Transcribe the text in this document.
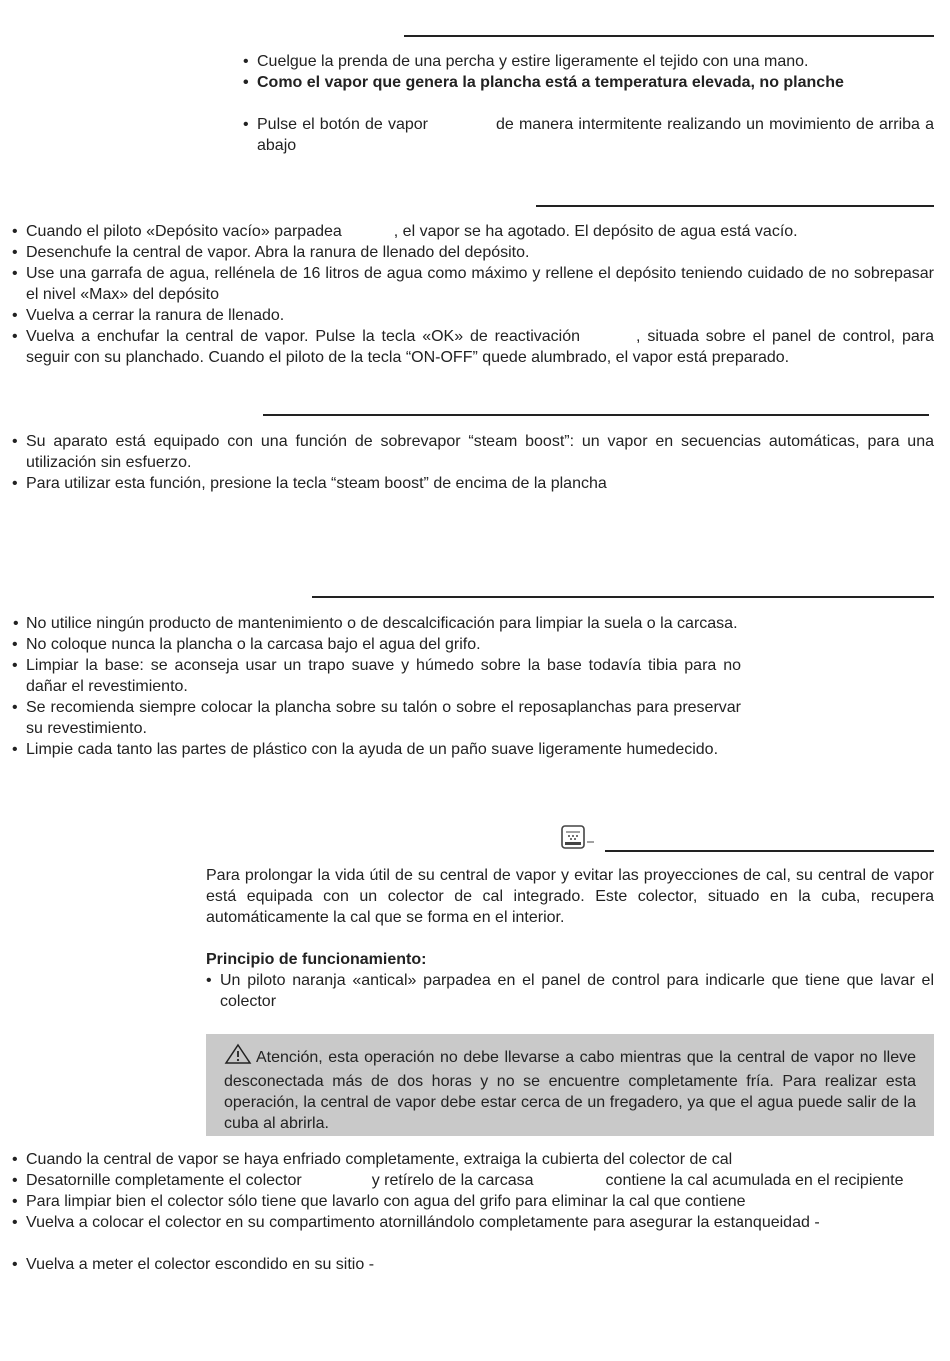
• Cuelgue la prenda de una percha y estire ligeramente el tejido con una mano.
• Como el vapor que genera la plancha está a temperatura elevada, no planche
• Pulse el botón de vapor	de manera intermitente realizando un movimiento de arriba a abajo
• Cuando el piloto «Depósito vacío» parpadea	, el vapor se ha agotado. El depósito de agua está vacío.
• Desenchufe la central de vapor. Abra la ranura de llenado del depósito.
• Use una garrafa de agua, rellénela de 16 litros de agua como máximo y rellene el depósito teniendo cuidado de no sobrepasar el nivel «Max» del depósito
• Vuelva a cerrar la ranura de llenado.
• Vuelva a enchufar la central de vapor. Pulse la tecla «OK» de reactivación	, situada sobre el panel de control, para seguir con su planchado. Cuando el piloto de la tecla “ON-OFF” quede alumbrado, el vapor está preparado.
• Su aparato está equipado con una función de sobrevapor “steam boost”: un vapor en secuencias automáticas, para una utilización sin esfuerzo.
• Para utilizar esta función, presione la tecla “steam boost” de encima de la plancha
• No utilice ningún producto de mantenimiento o de descalcificación para limpiar la suela o la carcasa.
• No coloque nunca la plancha o la carcasa bajo el agua del grifo.
• Limpiar la base: se aconseja usar un trapo suave y húmedo sobre la base todavía tibia para no dañar el revestimiento.
• Se recomienda siempre colocar la plancha sobre su talón o sobre el reposaplanchas para preservar su revestimiento.
• Limpie cada tanto las partes de plástico con la ayuda de un paño suave ligeramente humedecido.

Para prolongar la vida útil de su central de vapor y evitar las proyecciones de cal, su central de vapor está equipada con un colector de cal integrado. Este colector, situado en la cuba, recupera automáticamente la cal que se forma en el interior.

Principio de funcionamiento:

• Un piloto naranja «antical» parpadea en el panel de control para indicarle que tiene que lavar el colector
Atención, esta operación no debe llevarse a cabo mientras que la central de vapor no lleve desconectada más de dos horas y no se encuentre completamente fría. Para realizar esta operación, la central de vapor debe estar cerca de un fregadero, ya que el agua puede salir de la cuba al abrirla.
• Cuando la central de vapor se haya enfriado completamente, extraiga la cubierta del colector de cal
• Desatornille completamente el colector	y retírelo de la carcasa	contiene la cal acumulada en el recipiente
• Para limpiar bien el colector sólo tiene que lavarlo con agua del grifo para eliminar la cal que contiene
• Vuelva a colocar el colector en su compartimento atornillándolo completamente para asegurar la estanqueidad -
• Vuelva a meter el colector escondido en su sitio -
